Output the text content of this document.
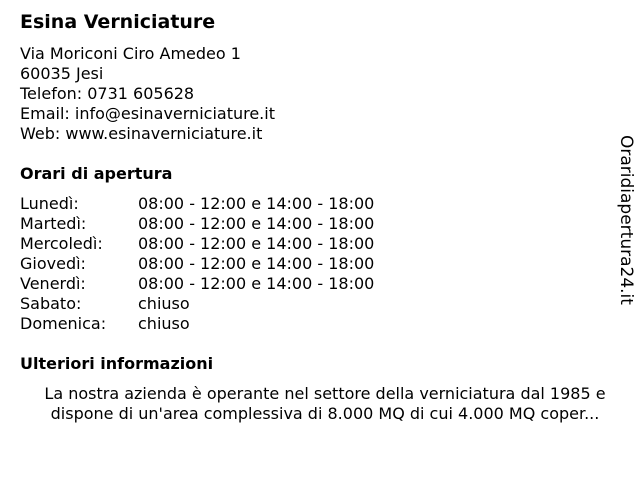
Esina Verniciature
Via Moriconi Ciro Amedeo 1
60035 Jesi
Telefon: 0731 605628
Email: info@esinaverniciature.it
Web: www.esinaverniciature.it
Orari di apertura
Lunedì:	08:00 - 12:00 e 14:00 - 18:00
Martedì:	08:00 - 12:00 e 14:00 - 18:00
Mercoledì: 08:00 - 12:00 e 14:00 - 18:00
Giovedì:	08:00 - 12:00 e 14:00 - 18:00
Venerdì:	08:00 - 12:00 e 14:00 - 18:00
Sabato:	chiuso
Domenica: chiuso
Ulteriori informazioni
La nostra azienda è operante nel settore della verniciatura dal 1985 e
dispone di un'area complessiva di 8.000 MQ di cui 4.000 MQ coper...
Oraridiapertura24.it
